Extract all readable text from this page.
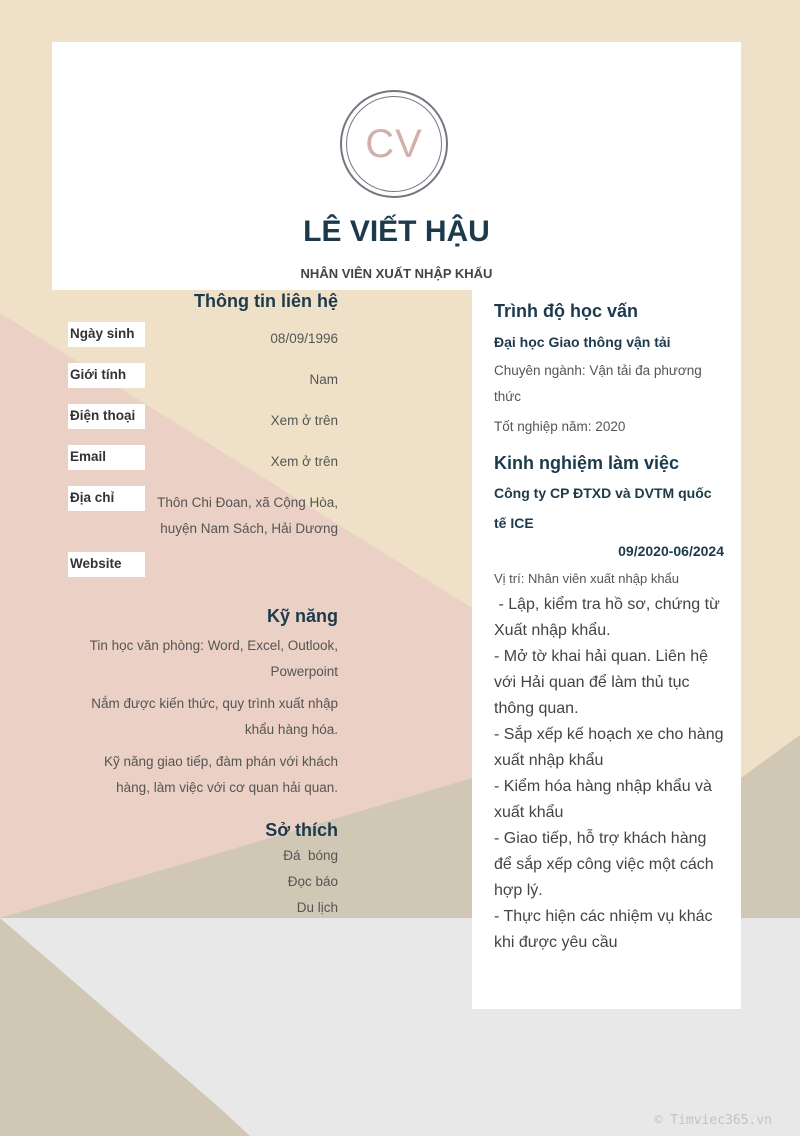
CV
LÊ VIẾT HẬU
NHÂN VIÊN XUẤT NHẬP KHẨU
Thông tin liên hệ
Ngày sinh	08/09/1996
Giới tính	Nam
Điện thoại	Xem ở trên
Email	Xem ở trên
Địa chỉ	Thôn Chi Đoan, xã Cộng Hòa, huyện Nam Sách, Hải Dương
Website
Kỹ năng
Tin học văn phòng: Word, Excel, Outlook, Powerpoint
Nắm được kiến thức, quy trình xuất nhập khẩu hàng hóa.
Kỹ năng giao tiếp, đàm phán với khách hàng, làm việc với cơ quan hải quan.
Sở thích
Đá  bóng
Đọc báo
Du lịch
Trình độ học vấn
Đại học Giao thông vận tải
Chuyên ngành: Vận tải đa phương thức
Tốt nghiệp năm: 2020
Kinh nghiệm làm việc
Công ty CP ĐTXD và DVTM quốc tế ICE
09/2020-06/2024
Vị trí: Nhân viên xuất nhập khẩu
- Lập, kiểm tra hồ sơ, chứng từ Xuất nhập khẩu.
- Mở tờ khai hải quan. Liên hệ với Hải quan để làm thủ tục thông quan.
- Sắp xếp kế hoạch xe cho hàng xuất nhập khẩu
- Kiểm hóa hàng nhập khẩu và xuất khẩu
- Giao tiếp, hỗ trợ khách hàng để sắp xếp công việc một cách hợp lý.
- Thực hiện các nhiệm vụ khác khi được yêu cầu
© Timviec365.vn
